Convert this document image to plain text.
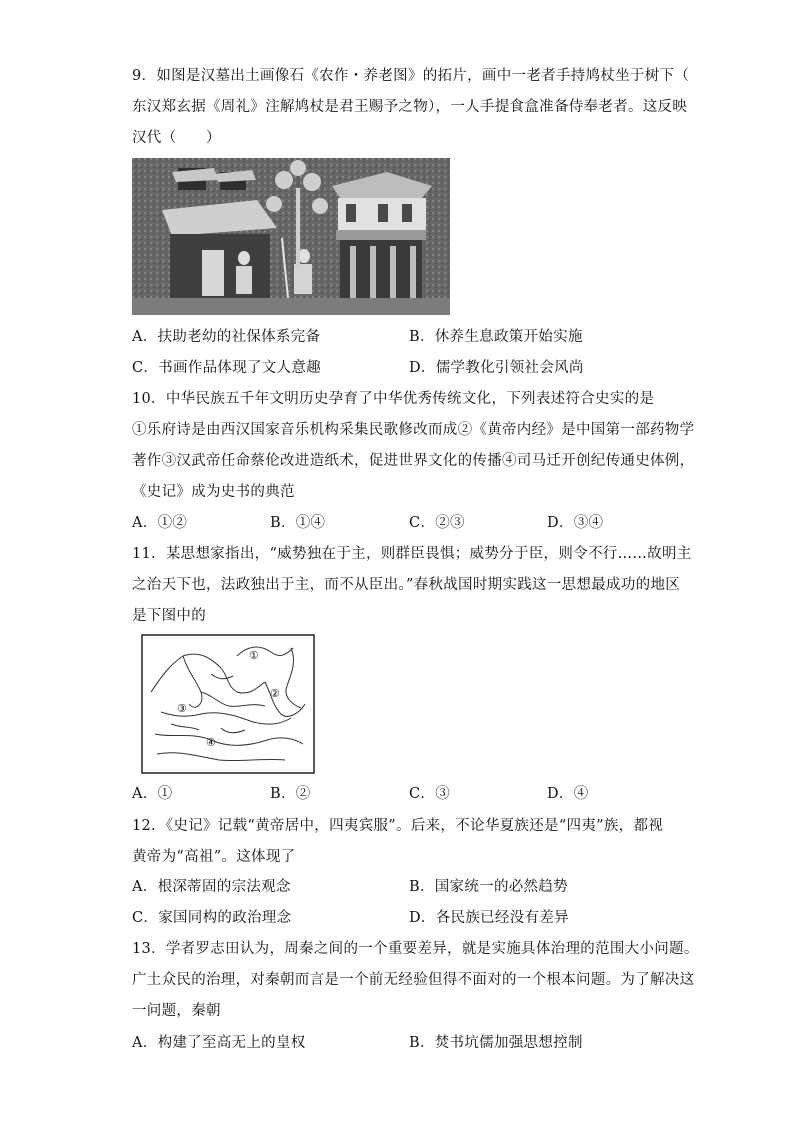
9．如图是汉墓出土画像石《农作・养老图》的拓片，画中一老者手持鸠杖坐于树下（
东汉郑玄据《周礼》注解鸠杖是君王赐予之物），一人手提食盒准备侍奉老者。这反映
汉代（　　）
A．扶助老幼的社保体系完备	B．休养生息政策开始实施
C．书画作品体现了文人意趣	D．儒学教化引领社会风尚
10．中华民族五千年文明历史孕育了中华优秀传统文化，下列表述符合史实的是
①乐府诗是由西汉国家音乐机构采集民歌修改而成②《黄帝内经》是中国第一部药物学
著作③汉武帝任命蔡伦改进造纸术，促进世界文化的传播④司马迁开创纪传通史体例，
《史记》成为史书的典范
A．①②	B．①④	C．②③	D．③④
11．某思想家指出，“威势独在于主，则群臣畏惧；威势分于臣，则令不行……故明主
之治天下也，法政独出于主，而不从臣出。”春秋战国时期实践这一思想最成功的地区
是下图中的
①
②
③
④
A．①	B．②	C．③	D．④
12．《史记》记载“黄帝居中，四夷宾服”。后来，不论华夏族还是“四夷”族，都视
黄帝为“高祖”。这体现了
A．根深蒂固的宗法观念	B．国家统一的必然趋势
C．家国同构的政治理念	D．各民族已经没有差异
13．学者罗志田认为，周秦之间的一个重要差异，就是实施具体治理的范围大小问题。
广土众民的治理，对秦朝而言是一个前无经验但得不面对的一个根本问题。为了解决这
一问题，秦朝
A．构建了至高无上的皇权	B．焚书坑儒加强思想控制
